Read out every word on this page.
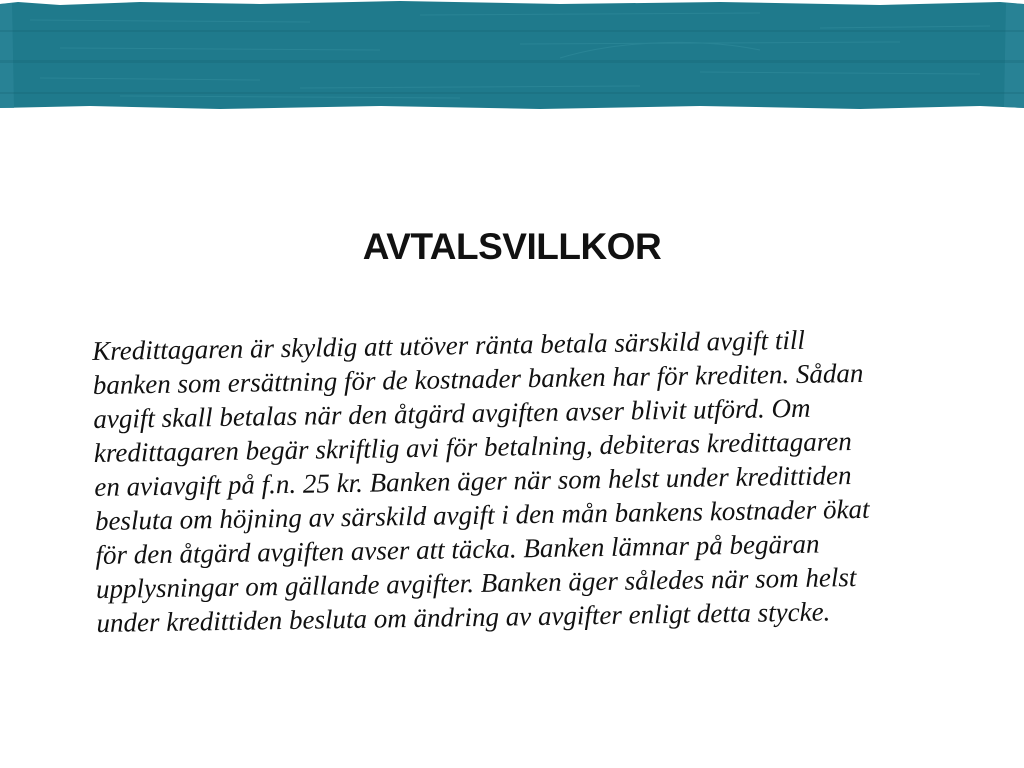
AVTALSVILLKOR
Kredittagaren är skyldig att utöver ränta betala särskild avgift till
banken som ersättning för de kostnader banken har för krediten. Sådan
avgift skall betalas när den åtgärd avgiften avser blivit utförd. Om
kredittagaren begär skriftlig avi för betalning, debiteras kredittagaren
en aviavgift på f.n. 25 kr. Banken äger när som helst under kredittiden
besluta om höjning av särskild avgift i den mån bankens kostnader ökat
för den åtgärd avgiften avser att täcka. Banken lämnar på begäran
upplysningar om gällande avgifter. Banken äger således när som helst
under kredittiden besluta om ändring av avgifter enligt detta stycke.
